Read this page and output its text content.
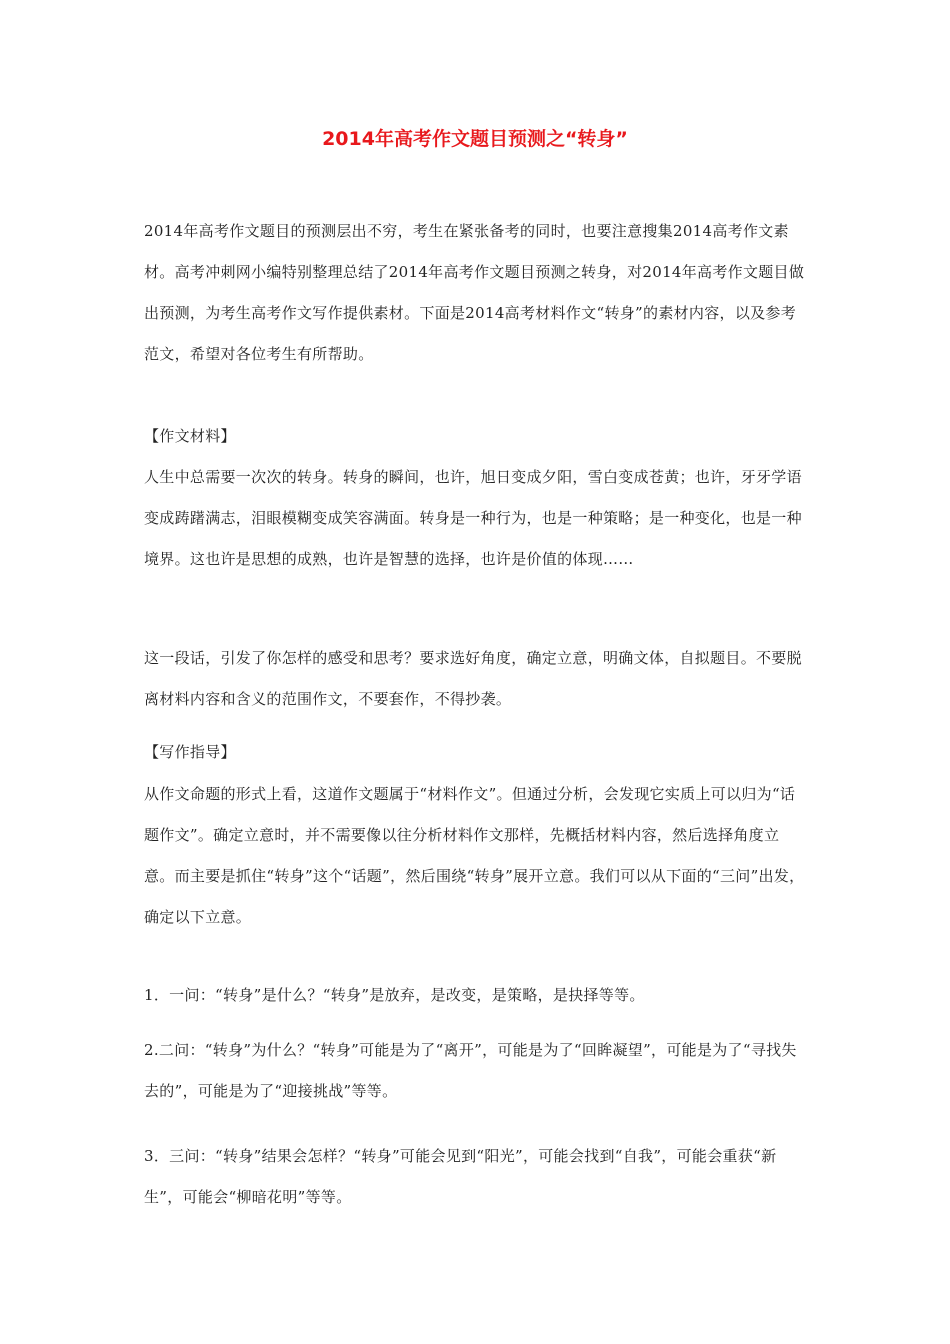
2014年高考作文题目预测之“转身”

2014年高考作文题目的预测层出不穷，考生在紧张备考的同时，也要注意搜集2014高考作文素材。高考冲刺网小编特别整理总结了2014年高考作文题目预测之转身，对2014年高考作文题目做出预测，为考生高考作文写作提供素材。下面是2014高考材料作文“转身”的素材内容，以及参考范文，希望对各位考生有所帮助。

【作文材料】

人生中总需要一次次的转身。转身的瞬间，也许，旭日变成夕阳，雪白变成苍黄；也许，牙牙学语变成踌躇满志，泪眼模糊变成笑容满面。转身是一种行为，也是一种策略；是一种变化，也是一种境界。这也许是思想的成熟，也许是智慧的选择，也许是价值的体现……

这一段话，引发了你怎样的感受和思考？要求选好角度，确定立意，明确文体，自拟题目。不要脱离材料内容和含义的范围作文，不要套作，不得抄袭。

【写作指导】

从作文命题的形式上看，这道作文题属于“材料作文”。但通过分析，会发现它实质上可以归为“话题作文”。确定立意时，并不需要像以往分析材料作文那样，先概括材料内容，然后选择角度立意。而主要是抓住“转身”这个“话题”，然后围绕“转身”展开立意。我们可以从下面的“三问”出发，确定以下立意。

1．一问：“转身”是什么？“转身”是放弃，是改变，是策略，是抉择等等。

2.二问：“转身”为什么？“转身”可能是为了“离开”，可能是为了“回眸凝望”，可能是为了“寻找失去的”，可能是为了“迎接挑战”等等。

3．三问：“转身”结果会怎样？“转身”可能会见到“阳光”，可能会找到“自我”，可能会重获“新生”，可能会“柳暗花明”等等。
